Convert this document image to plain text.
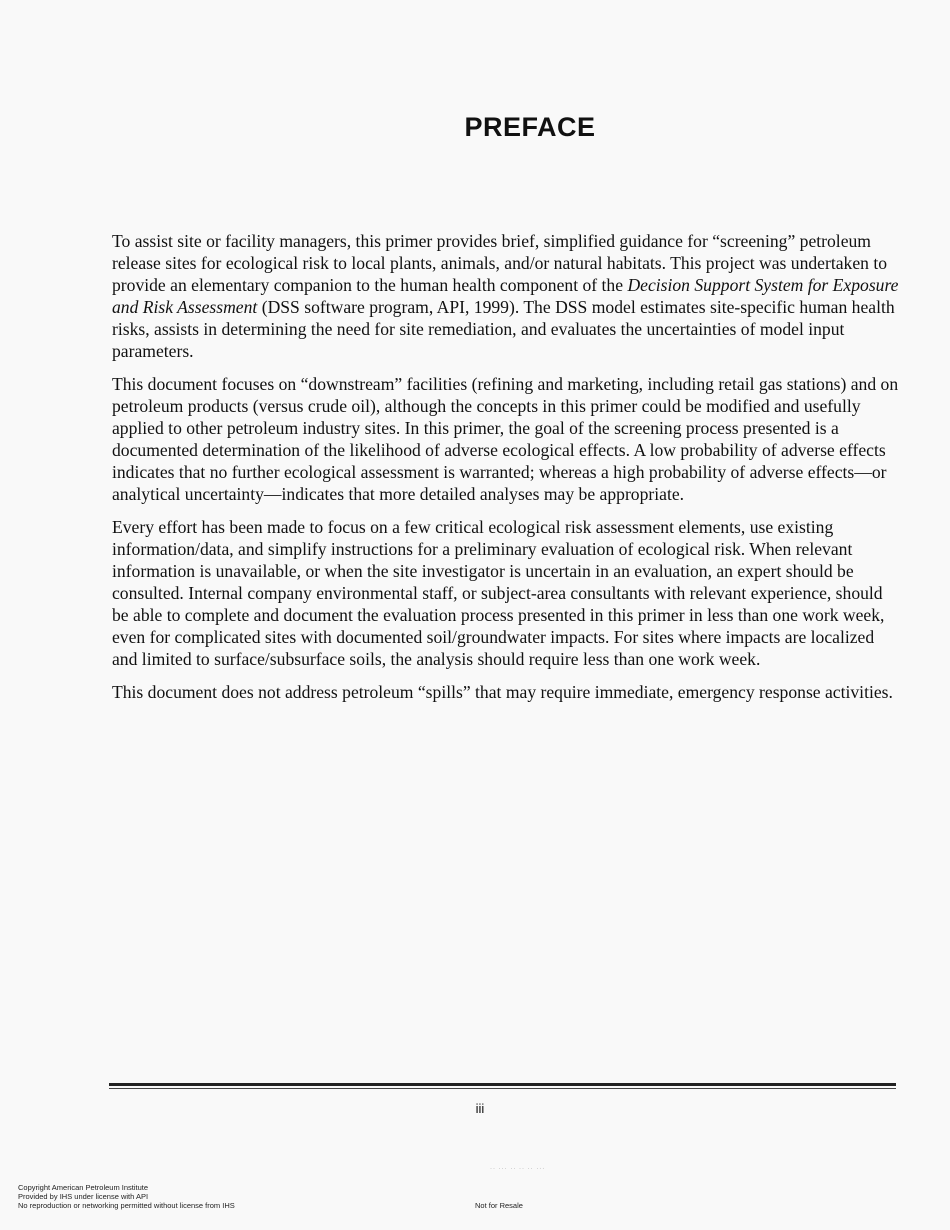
PREFACE

To assist site or facility managers, this primer provides brief, simplified guidance for “screening” petroleum release sites for ecological risk to local plants, animals, and/or natural habitats. This project was undertaken to provide an elementary companion to the human health component of the Decision Support System for Exposure and Risk Assessment (DSS software program, API, 1999). The DSS model estimates site-specific human health risks, assists in determining the need for site remediation, and evaluates the uncertainties of model input parameters.

This document focuses on “downstream” facilities (refining and marketing, including retail gas stations) and on petroleum products (versus crude oil), although the concepts in this primer could be modified and usefully applied to other petroleum industry sites. In this primer, the goal of the screening process presented is a documented determination of the likelihood of adverse ecological effects. A low probability of adverse effects indicates that no further ecological assessment is warranted; whereas a high probability of adverse effects—or analytical uncertainty—indicates that more detailed analyses may be appropriate.

Every effort has been made to focus on a few critical ecological risk assessment elements, use existing information/data, and simplify instructions for a preliminary evaluation of ecological risk. When relevant information is unavailable, or when the site investigator is uncertain in an evaluation, an expert should be consulted. Internal company environmental staff, or subject-area consultants with relevant experience, should be able to complete and document the evaluation process presented in this primer in less than one work week, even for complicated sites with documented soil/groundwater impacts. For sites where impacts are localized and limited to surface/subsurface soils, the analysis should require less than one work week.

This document does not address petroleum “spills” that may require immediate, emergency response activities.

iii
·· ··· ·· ·· ·· ···
Copyright American Petroleum Institute
Provided by IHS under license with API
No reproduction or networking permitted without license from IHS	Not for Resale
